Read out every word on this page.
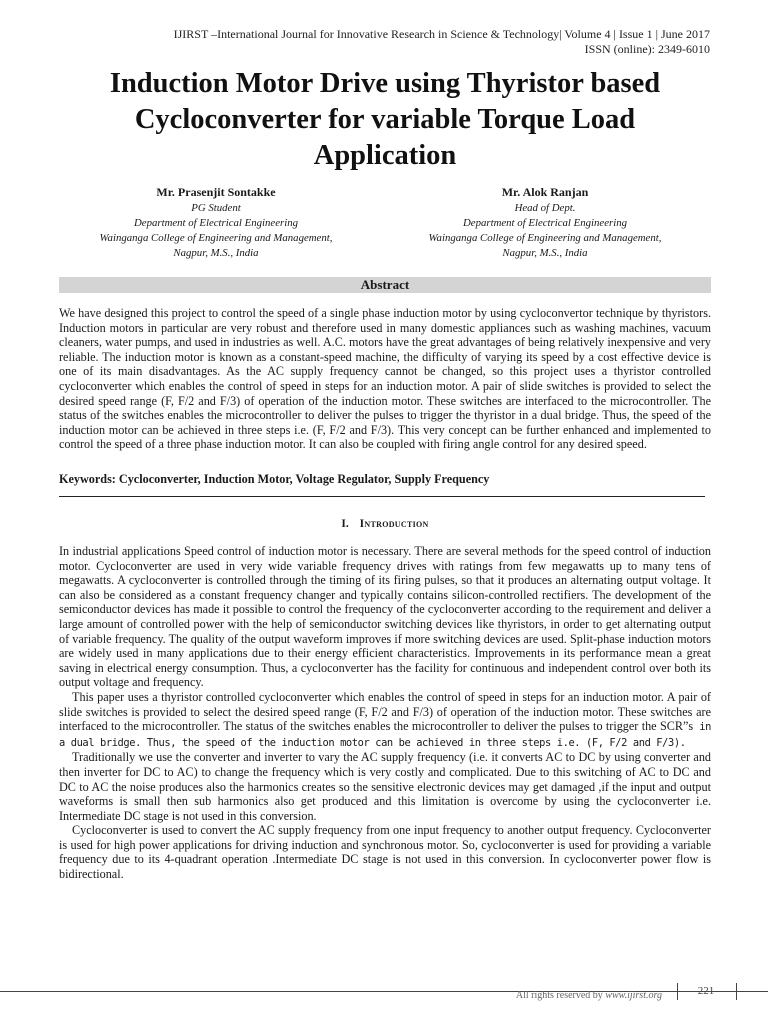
IJIRST –International Journal for Innovative Research in Science & Technology| Volume 4 | Issue 1 | June 2017
ISSN (online): 2349-6010
Induction Motor Drive using Thyristor based
Cycloconverter for variable Torque Load
Application
Mr. Prasenjit Sontakke
PG Student
Department of Electrical Engineering
Wainganga College of Engineering and Management,
Nagpur, M.S., India
Mr. Alok Ranjan
Head of Dept.
Department of Electrical Engineering
Wainganga College of Engineering and Management,
Nagpur, M.S., India
Abstract
We have designed this project to control the speed of a single phase induction motor by using cycloconvertor technique by thyristors. Induction motors in particular are very robust and therefore used in many domestic appliances such as washing machines, vacuum cleaners, water pumps, and used in industries as well. A.C. motors have the great advantages of being relatively inexpensive and very reliable. The induction motor is known as a constant-speed machine, the difficulty of varying its speed by a cost effective device is one of its main disadvantages. As the AC supply frequency cannot be changed, so this project uses a thyristor controlled cycloconverter which enables the control of speed in steps for an induction motor. A pair of slide switches is provided to select the desired speed range (F, F/2 and F/3) of operation of the induction motor. These switches are interfaced to the microcontroller. The status of the switches enables the microcontroller to deliver the pulses to trigger the thyristor in a dual bridge. Thus, the speed of the induction motor can be achieved in three steps i.e. (F, F/2 and F/3). This very concept can be further enhanced and implemented to control the speed of a three phase induction motor. It can also be coupled with firing angle control for any desired speed.
Keywords: Cycloconverter, Induction Motor, Voltage Regulator, Supply Frequency
I. Introduction

In industrial applications Speed control of induction motor is necessary. There are several methods for the speed control of induction motor. Cycloconverter are used in very wide variable frequency drives with ratings from few megawatts up to many tens of megawatts. A cycloconverter is controlled through the timing of its firing pulses, so that it produces an alternating output voltage. It can also be considered as a constant frequency changer and typically contains silicon-controlled rectifiers. The development of the semiconductor devices has made it possible to control the frequency of the cycloconverter according to the requirement and deliver a large amount of controlled power with the help of semiconductor switching devices like thyristors, in order to get alternating output of variable frequency. The quality of the output waveform improves if more switching devices are used. Split-phase induction motors are widely used in many applications due to their energy efficient characteristics. Improvements in its performance mean a great saving in electrical energy consumption. Thus, a cycloconverter has the facility for continuous and independent control over both its output voltage and frequency.

This paper uses a thyristor controlled cycloconverter which enables the control of speed in steps for an induction motor. A pair of slide switches is provided to select the desired speed range (F, F/2 and F/3) of operation of the induction motor. These switches are interfaced to the microcontroller. The status of the switches enables the microcontroller to deliver the pulses to trigger the SCR”s in a dual bridge. Thus, the speed of the induction motor can be achieved in three steps i.e. (F, F/2 and F/3).

Traditionally we use the converter and inverter to vary the AC supply frequency (i.e. it converts AC to DC by using converter and then inverter for DC to AC) to change the frequency which is very costly and complicated. Due to this switching of AC to DC and DC to AC the noise produces also the harmonics creates so the sensitive electronic devices may get damaged ,if the input and output waveforms is small then sub harmonics also get produced and this limitation is overcome by using the cycloconverter i.e. Intermediate DC stage is not used in this conversion.

Cycloconverter is used to convert the AC supply frequency from one input frequency to another output frequency. Cycloconverter is used for high power applications for driving induction and synchronous motor. So, cycloconverter is used for providing a variable frequency due to its 4-quadrant operation .Intermediate DC stage is not used in this conversion. In cycloconverter power flow is bidirectional.

All rights reserved by www.ijirst.org	221
